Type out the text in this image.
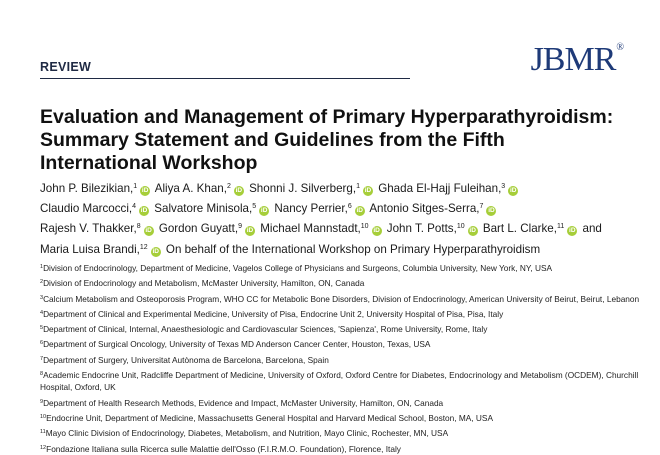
REVIEW	JBMR®
Evaluation and Management of Primary Hyperparathyroidism: Summary Statement and Guidelines from the Fifth International Workshop
John P. Bilezikian,$^1$iD Aliya A. Khan,$^2$iD Shonni J. Silverberg,$^1$iD Ghada El-Hajj Fuleihan,$^3$iD
Claudio Marcocci,$^4$iD Salvatore Minisola,$^5$iD Nancy Perrier,$^6$iD Antonio Sitges-Serra,$^7$iD
Rajesh V. Thakker,$^8$iD Gordon Guyatt,$^9$iD Michael Mannstadt,$^{10}$iD John T. Potts,$^{10}$iD Bart L. Clarke,$^{11}$iD and
Maria Luisa Brandi,$^{12}$iD On behalf of the International Workshop on Primary Hyperparathyroidism

$^1$Division of Endocrinology, Department of Medicine, Vagelos College of Physicians and Surgeons, Columbia University, New York, NY, USA

$^2$Division of Endocrinology and Metabolism, McMaster University, Hamilton, ON, Canada

$^3$Calcium Metabolism and Osteoporosis Program, WHO CC for Metabolic Bone Disorders, Division of Endocrinology, American University of Beirut, Beirut, Lebanon

$^4$Department of Clinical and Experimental Medicine, University of Pisa, Endocrine Unit 2, University Hospital of Pisa, Pisa, Italy

$^5$Department of Clinical, Internal, Anaesthesiologic and Cardiovascular Sciences, 'Sapienza', Rome University, Rome, Italy

$^6$Department of Surgical Oncology, University of Texas MD Anderson Cancer Center, Houston, Texas, USA

$^7$Department of Surgery, Universitat Autònoma de Barcelona, Barcelona, Spain

$^8$Academic Endocrine Unit, Radcliffe Department of Medicine, University of Oxford, Oxford Centre for Diabetes, Endocrinology and Metabolism (OCDEM), Churchill Hospital, Oxford, UK

$^9$Department of Health Research Methods, Evidence and Impact, McMaster University, Hamilton, ON, Canada

$^{10}$Endocrine Unit, Department of Medicine, Massachusetts General Hospital and Harvard Medical School, Boston, MA, USA

$^{11}$Mayo Clinic Division of Endocrinology, Diabetes, Metabolism, and Nutrition, Mayo Clinic, Rochester, MN, USA

$^{12}$Fondazione Italiana sulla Ricerca sulle Malattie dell'Osso (F.I.R.M.O. Foundation), Florence, Italy
